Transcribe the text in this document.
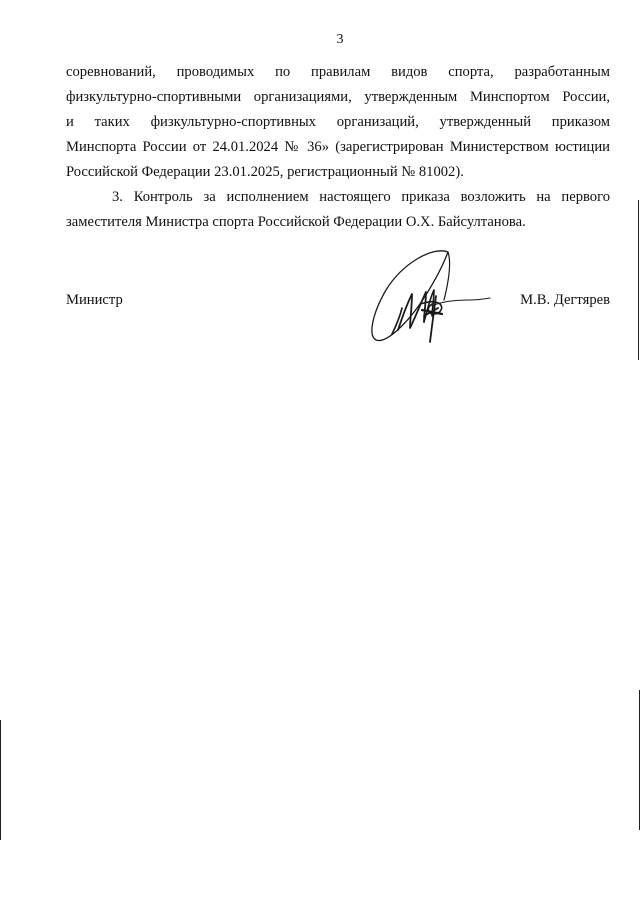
3
соревнований, проводимых по правилам видов спорта, разработанным
физкультурно-спортивными организациями, утвержденным Минспортом России,
и таких физкультурно-спортивных организаций, утвержденный приказом
Минспорта России от 24.01.2024 № 36» (зарегистрирован Министерством юстиции
Российской Федерации 23.01.2025, регистрационный № 81002).
3. Контроль за исполнением настоящего приказа возложить на первого
заместителя Министра спорта Российской Федерации О.Х. Байсултанова.
Министр	М.В. Дегтярев
